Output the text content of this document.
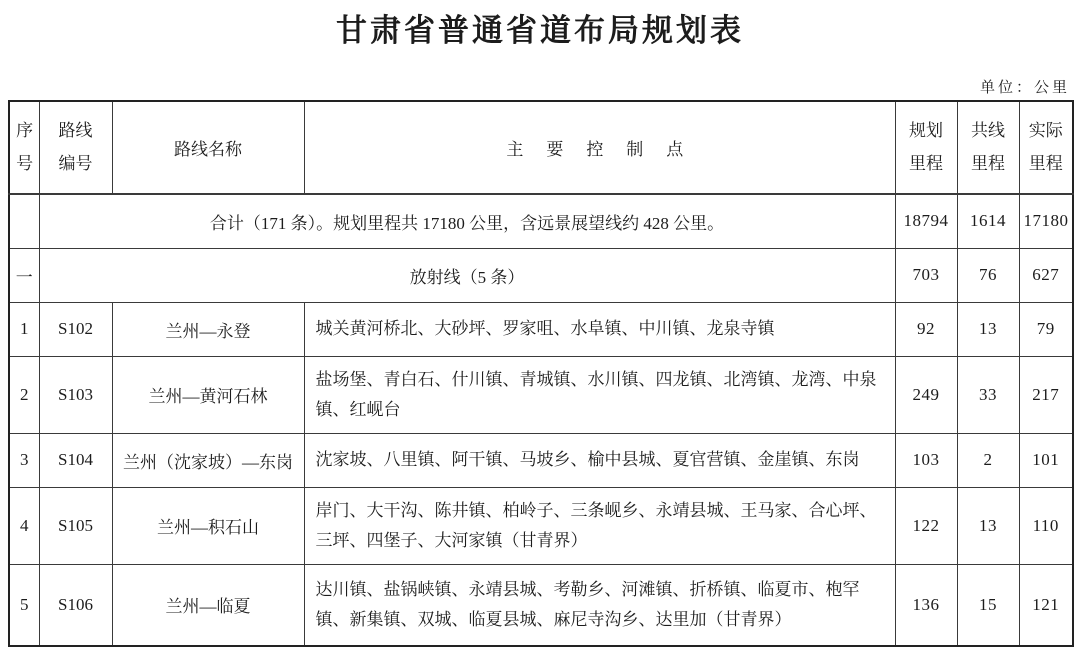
甘肃省普通省道布局规划表
单位：公里
序号	路线编号	路线名称	主 要 控 制 点	规划里程	共线里程	实际里程
	合计（171 条）。规划里程共 17180 公里，含远景展望线约 428 公里。			18794	1614	17180
一	放射线（5 条）			703	76	627
1	S102	兰州—永登	城关黄河桥北、大砂坪、罗家咀、水阜镇、中川镇、龙泉寺镇	92	13	79
2	S103	兰州—黄河石林	盐场堡、青白石、什川镇、青城镇、水川镇、四龙镇、北湾镇、龙湾、中泉镇、红岘台	249	33	217
3	S104	兰州（沈家坡）—东岗	沈家坡、八里镇、阿干镇、马坡乡、榆中县城、夏官营镇、金崖镇、东岗	103	2	101
4	S105	兰州—积石山	岸门、大干沟、陈井镇、柏岭子、三条岘乡、永靖县城、王马家、合心坪、三坪、四堡子、大河家镇（甘青界）	122	13	110
5	S106	兰州—临夏	达川镇、盐锅峡镇、永靖县城、考勒乡、河滩镇、折桥镇、临夏市、枹罕镇、新集镇、双城、临夏县城、麻尼寺沟乡、达里加（甘青界）	136	15	121
